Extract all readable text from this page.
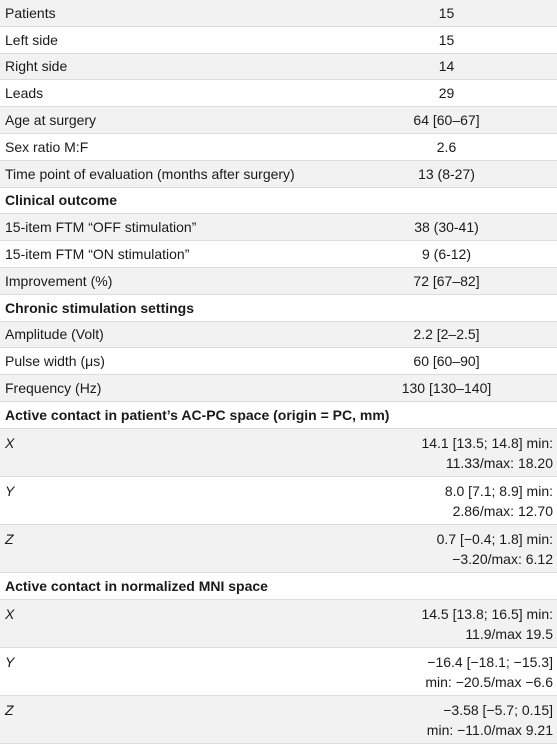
Patients	15
Left side	15
Right side	14
Leads	29
Age at surgery	64 [60–67]
Sex ratio M:F	2.6
Time point of evaluation (months after surgery)	13 (8-27)
Clinical outcome
15-item FTM “OFF stimulation”	38 (30-41)
15-item FTM “ON stimulation”	9 (6-12)
Improvement (%)	72 [67–82]
Chronic stimulation settings
Amplitude (Volt)	2.2 [2–2.5]
Pulse width (μs)	60 [60–90]
Frequency (Hz)	130 [130–140]
Active contact in patient’s AC-PC space (origin = PC, mm)
X	14.1 [13.5; 14.8] min:
11.33/max: 18.20
Y	8.0 [7.1; 8.9] min:
2.86/max: 12.70
Z	0.7 [−0.4; 1.8] min:
−3.20/max: 6.12
Active contact in normalized MNI space
X	14.5 [13.8; 16.5] min:
11.9/max 19.5
Y	−16.4 [−18.1; −15.3]
min: −20.5/max −6.6
Z	−3.58 [−5.7; 0.15]
min: −11.0/max 9.21
